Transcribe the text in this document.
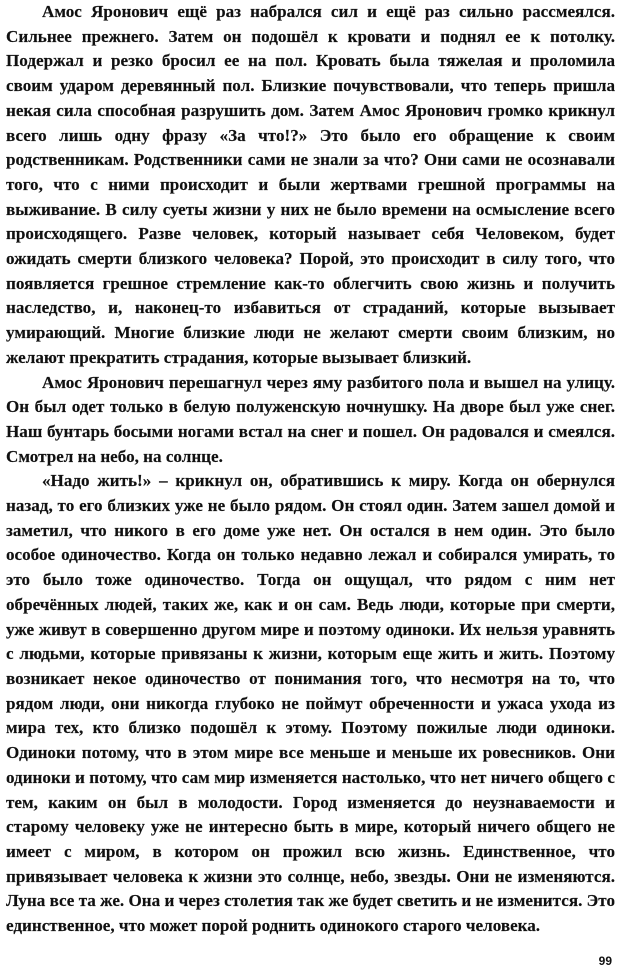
Амос Яронович ещё раз набрался сил и ещё раз сильно рассмеялся. Сильнее прежнего. Затем он подошёл к кровати и поднял ее к потолку. Подержал и резко бросил ее на пол. Кровать была тяжелая и проломила своим ударом деревянный пол. Близкие почувствовали, что теперь пришла некая сила способная разрушить дом. Затем Амос Яронович громко крикнул всего лишь одну фразу «За что!?» Это было его обращение к своим родственникам. Родственники сами не знали за что? Они сами не осознавали того, что с ними происходит и были жертвами грешной программы на выживание. В силу суеты жизни у них не было времени на осмысление всего происходящего. Разве человек, который называет себя Человеком, будет ожидать смерти близкого человека? Порой, это происходит в силу того, что появляется грешное стремление как-то облегчить свою жизнь и получить наследство, и, наконец-то избавиться от страданий, которые вызывает умирающий. Многие близкие люди не желают смерти своим близким, но желают прекратить страдания, которые вызывает близкий.

Амос Яронович перешагнул через яму разбитого пола и вышел на улицу. Он был одет только в белую полуженскую ночнушку. На дворе был уже снег. Наш бунтарь босыми ногами встал на снег и пошел. Он радовался и смеялся. Смотрел на небо, на солнце.

«Надо жить!» – крикнул он, обратившись к миру. Когда он обернулся назад, то его близких уже не было рядом. Он стоял один. Затем зашел домой и заметил, что никого в его доме уже нет. Он остался в нем один. Это было особое одиночество. Когда он только недавно лежал и собирался умирать, то это было тоже одиночество. Тогда он ощущал, что рядом с ним нет обречённых людей, таких же, как и он сам. Ведь люди, которые при смерти, уже живут в совершенно другом мире и поэтому одиноки. Их нельзя уравнять с людьми, которые привязаны к жизни, которым еще жить и жить. Поэтому возникает некое одиночество от понимания того, что несмотря на то, что рядом люди, они никогда глубоко не поймут обреченности и ужаса ухода из мира тех, кто близко подошёл к этому. Поэтому пожилые люди одиноки. Одиноки потому, что в этом мире все меньше и меньше их ровесников. Они одиноки и потому, что сам мир изменяется настолько, что нет ничего общего с тем, каким он был в молодости. Город изменяется до неузнаваемости и старому человеку уже не интересно быть в мире, который ничего общего не имеет с миром, в котором он прожил всю жизнь. Единственное, что привязывает человека к жизни это солнце, небо, звезды. Они не изменяются. Луна все та же. Она и через столетия так же будет светить и не изменится. Это единственное, что может порой роднить одинокого старого человека.

99
